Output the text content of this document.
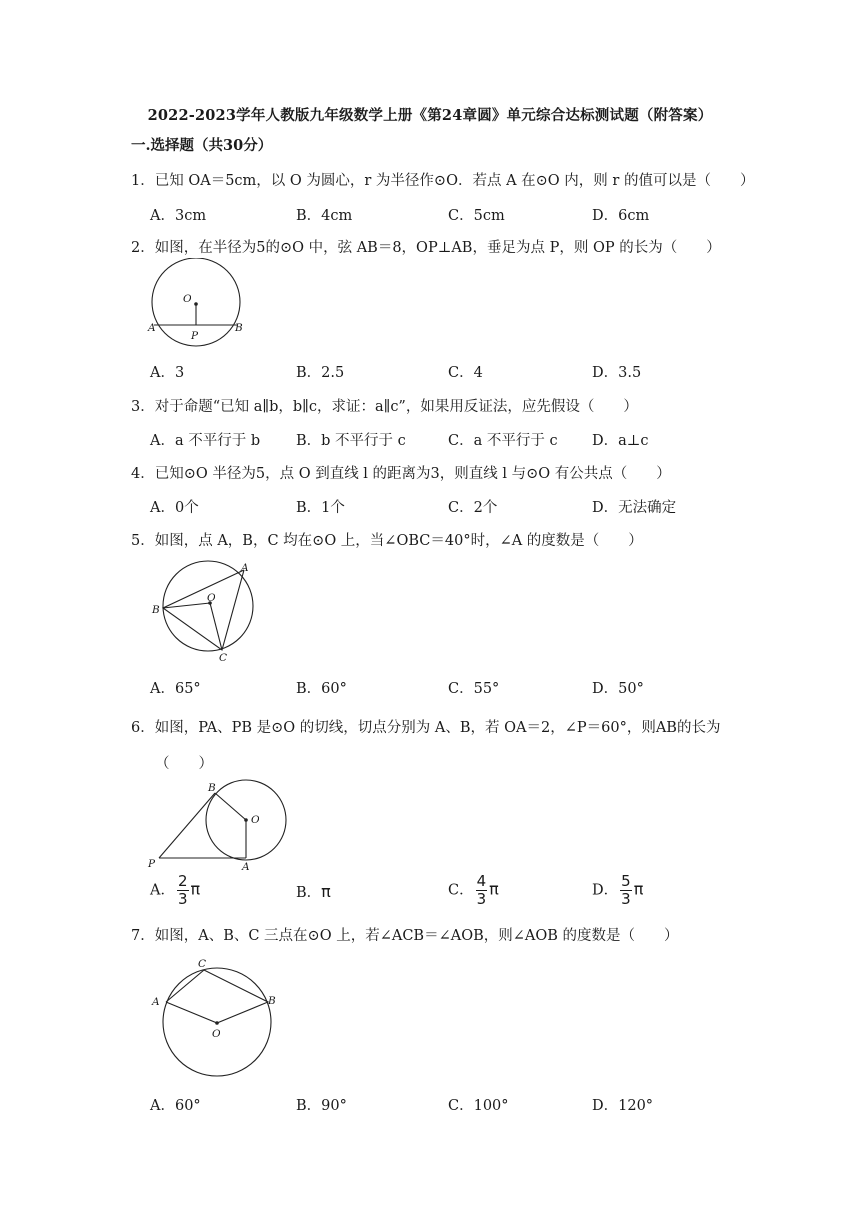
2022-2023学年人教版九年级数学上册《第24章圆》单元综合达标测试题（附答案）
一.选择题（共30分）
1．已知 OA＝5cm，以 O 为圆心，r 为半径作⊙O．若点 A 在⊙O 内，则 r 的值可以是（　　）
A．3cm	B．4cm	C．5cm	D．6cm
2．如图，在半径为5的⊙O 中，弦 AB＝8，OP⊥AB，垂足为点 P，则 OP 的长为（　　）
O
A
P
B
A．3	B．2.5	C．4	D．3.5
3．对于命题“已知 a∥b，b∥c，求证：a∥c”，如果用反证法，应先假设（　　）
A．a 不平行于 b B．b 不平行于 c	C．a 不平行于 c D．a⊥c
4．已知⊙O 半径为5，点 O 到直线 l 的距离为3，则直线 l 与⊙O 有公共点（　　）
A．0个	B．1个	C．2个	D．无法确定
5．如图，点 A，B，C 均在⊙O 上，当∠OBC＝40°时，∠A 的度数是（　　）
A
B
C
O
A．65°	B．60°	C．55°	D．50°
6．如图，PA、PB 是⊙O 的切线，切点分别为 A、B，若 OA＝2，∠P＝60°，则AB的长为
（　　）
B
O
P	A
A． $\frac{2}{3}$ π	B．π	C． $\frac{4}{3}$ π	D． $\frac{5}{3}$ π
7．如图，A、B、C 三点在⊙O 上，若∠ACB＝∠AOB，则∠AOB 的度数是（　　）
C
A	B
O
A．60°	B．90°	C．100°	D．120°
